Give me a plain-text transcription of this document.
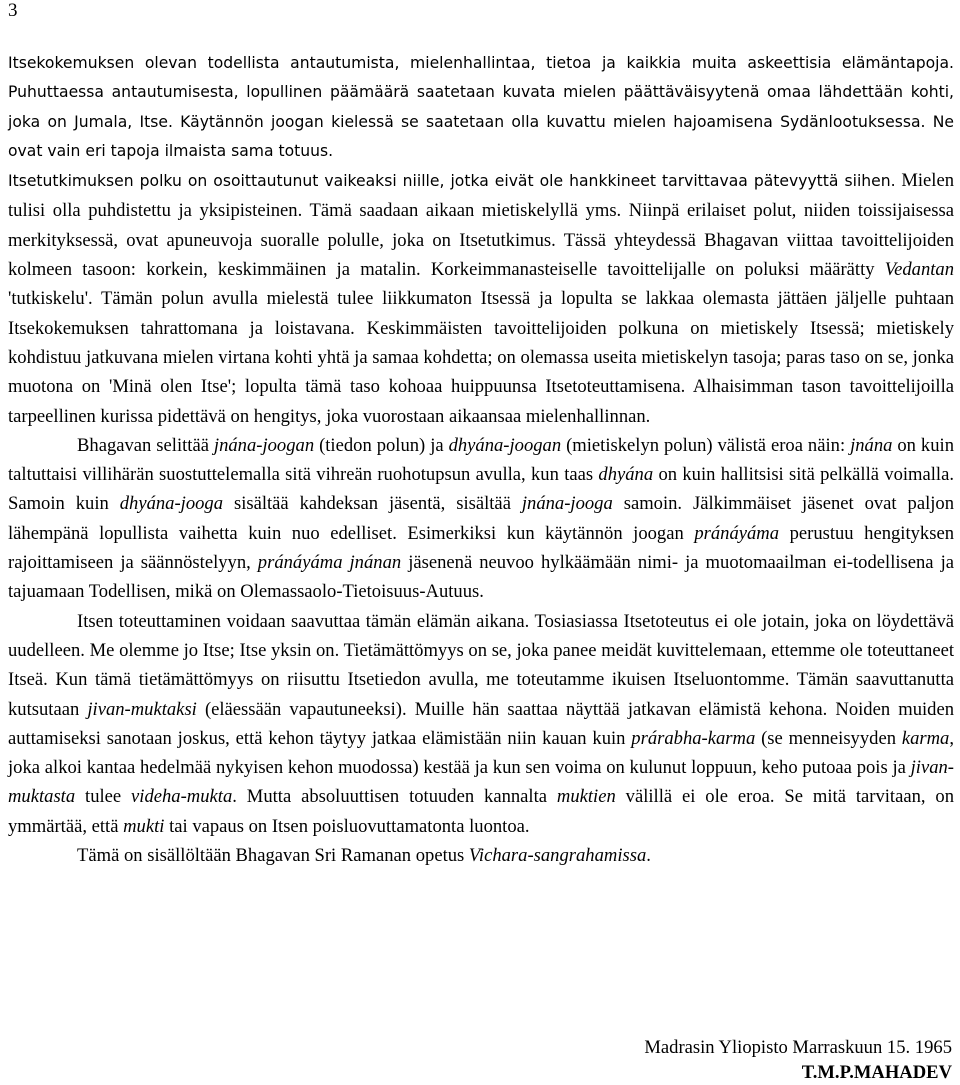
3

Itsekokemuksen olevan todellista antautumista, mielenhallintaa, tietoa ja kaikkia muita askeettisia elämäntapoja. Puhuttaessa antautumisesta, lopullinen päämäärä saatetaan kuvata mielen päättäväisyytenä omaa lähdettään kohti, joka on Jumala, Itse. Käytännön joogan kielessä se saatetaan olla kuvattu mielen hajoamisena Sydänlootuksessa. Ne ovat vain eri tapoja ilmaista sama totuus.

Itsetutkimuksen polku on osoittautunut vaikeaksi niille, jotka eivät ole hankkineet tarvittavaa pätevyyttä siihen. Mielen tulisi olla puhdistettu ja yksipisteinen. Tämä saadaan aikaan mietiskelyllä yms. Niinpä erilaiset polut, niiden toissijaisessa merkityksessä, ovat apuneuvoja suoralle polulle, joka on Itsetutkimus. Tässä yhteydessä Bhagavan viittaa tavoittelijoiden kolmeen tasoon: korkein, keskimmäinen ja matalin. Korkeimmanasteiselle tavoittelijalle on poluksi määrätty Vedantan 'tutkiskelu'. Tämän polun avulla mielestä tulee liikkumaton Itsessä ja lopulta se lakkaa olemasta jättäen jäljelle puhtaan Itsekokemuksen tahrattomana ja loistavana. Keskimmäisten tavoittelijoiden polkuna on mietiskely Itsessä; mietiskely kohdistuu jatkuvana mielen virtana kohti yhtä ja samaa kohdetta; on olemassa useita mietiskelyn tasoja; paras taso on se, jonka muotona on 'Minä olen Itse'; lopulta tämä taso kohoaa huippuunsa Itsetoteuttamisena. Alhaisimman tason tavoittelijoilla tarpeellinen kurissa pidettävä on hengitys, joka vuorostaan aikaansaa mielenhallinnan.

Bhagavan selittää jnána-joogan (tiedon polun) ja dhyána-joogan (mietiskelyn polun) välistä eroa näin: jnána on kuin taltuttaisi villihärän suostuttelemalla sitä vihreän ruohotupsun avulla, kun taas dhyána on kuin hallitsisi sitä pelkällä voimalla. Samoin kuin dhyána-jooga sisältää kahdeksan jäsentä, sisältää jnána-jooga samoin. Jälkimmäiset jäsenet ovat paljon lähempänä lopullista vaihetta kuin nuo edelliset. Esimerkiksi kun käytännön joogan pránáyáma perustuu hengityksen rajoittamiseen ja säännöstelyyn, pránáyáma jnánan jäsenenä neuvoo hylkäämään nimi- ja muotomaailman ei-todellisena ja tajuamaan Todellisen, mikä on Olemassaolo-Tietoisuus-Autuus.

Itsen toteuttaminen voidaan saavuttaa tämän elämän aikana. Tosiasiassa Itsetoteutus ei ole jotain, joka on löydettävä uudelleen. Me olemme jo Itse; Itse yksin on. Tietämättömyys on se, joka panee meidät kuvittelemaan, ettemme ole toteuttaneet Itseä. Kun tämä tietämättömyys on riisuttu Itsetiedon avulla, me toteutamme ikuisen Itseluontomme. Tämän saavuttanutta kutsutaan jivan-muktaksi (eläessään vapautuneeksi). Muille hän saattaa näyttää jatkavan elämistä kehona. Noiden muiden auttamiseksi sanotaan joskus, että kehon täytyy jatkaa elämistään niin kauan kuin prárabha-karma (se menneisyyden karma, joka alkoi kantaa hedelmää nykyisen kehon muodossa) kestää ja kun sen voima on kulunut loppuun, keho putoaa pois ja jivan-muktasta tulee videha-mukta. Mutta absoluuttisen totuuden kannalta muktien välillä ei ole eroa. Se mitä tarvitaan, on ymmärtää, että mukti tai vapaus on Itsen poisluovuttamatonta luontoa.

Tämä on sisällöltään Bhagavan Sri Ramanan opetus Vichara-sangrahamissa.

Madrasin Yliopisto Marraskuun 15. 1965
T.M.P.MAHADEV
